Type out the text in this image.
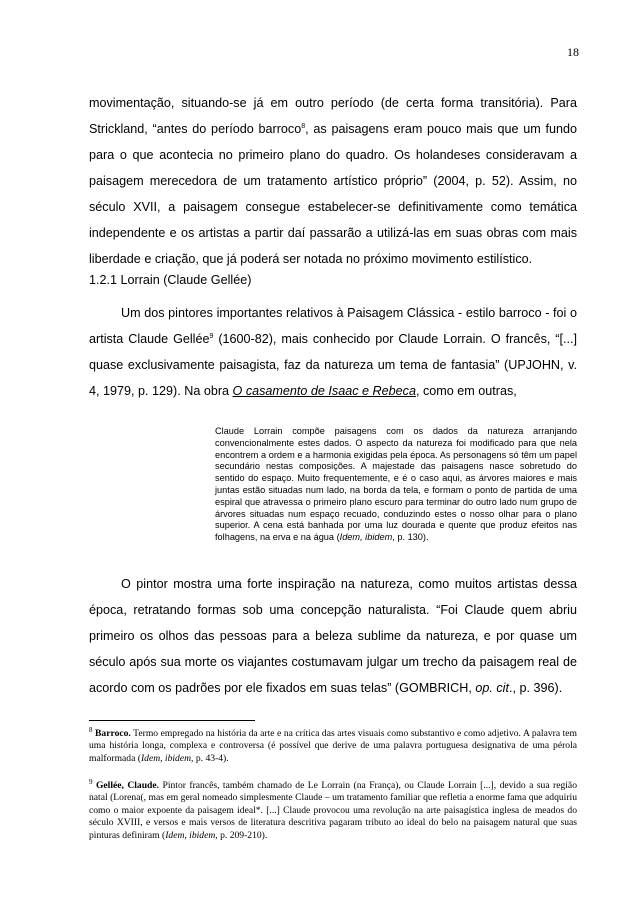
18

movimentação, situando-se já em outro período (de certa forma transitória). Para Strickland, “antes do período barroco$^8$, as paisagens eram pouco mais que um fundo para o que acontecia no primeiro plano do quadro. Os holandeses consideravam a paisagem merecedora de um tratamento artístico próprio” (2004, p. 52). Assim, no século XVII, a paisagem consegue estabelecer-se definitivamente como temática independente e os artistas a partir daí passarão a utilizá-las em suas obras com mais liberdade e criação, que já poderá ser notada no próximo movimento estilístico.

1.2.1 Lorrain (Claude Gellée)

Um dos pintores importantes relativos à Paisagem Clássica - estilo barroco - foi o artista Claude Gellée$^9$ (1600-82), mais conhecido por Claude Lorrain. O francês, “[...] quase exclusivamente paisagista, faz da natureza um tema de fantasia” (UPJOHN, v. 4, 1979, p. 129). Na obra O casamento de Isaac e Rebeca, como em outras,

Claude Lorrain compõe paisagens com os dados da natureza arranjando convencionalmente estes dados. O aspecto da natureza foi modificado para que nela encontrem a ordem e a harmonia exigidas pela época. As personagens só têm um papel secundário nestas composições. A majestade das paisagens nasce sobretudo do sentido do espaço. Muito frequentemente, e é o caso aqui, as árvores maiores e mais juntas estão situadas num lado, na borda da tela, e formam o ponto de partida de uma espiral que atravessa o primeiro plano escuro para terminar do outro lado num grupo de árvores situadas num espaço recuado, conduzindo estes o nosso olhar para o plano superior. A cena está banhada por uma luz dourada e quente que produz efeitos nas folhagens, na erva e na água (Idem, ibidem, p. 130).

O pintor mostra uma forte inspiração na natureza, como muitos artistas dessa época, retratando formas sob uma concepção naturalista. “Foi Claude quem abriu primeiro os olhos das pessoas para a beleza sublime da natureza, e por quase um século após sua morte os viajantes costumavam julgar um trecho da paisagem real de acordo com os padrões por ele fixados em suas telas” (GOMBRICH, op. cit., p. 396).

$^8$ Barroco. Termo empregado na história da arte e na crítica das artes visuais como substantivo e como adjetivo. A palavra tem uma história longa, complexa e controversa (é possível que derive de uma palavra portuguesa designativa de uma pérola malformada (Idem, ibidem, p. 43-4).

$^9$ Gellée, Claude. Pintor francês, também chamado de Le Lorrain (na França), ou Claude Lorrain [...], devido a sua região natal (Lorena(, mas em geral nomeado simplesmente Claude – um tratamento familiar que refletia a enorme fama que adquiriu como o maior expoente da paisagem ideal*. [...] Claude provocou uma revolução na arte paisagística inglesa de meados do século XVIII, e versos e mais versos de literatura descritiva pagaram tributo ao ideal do belo na paisagem natural que suas pinturas definiram (Idem, ibidem, p. 209-210).
